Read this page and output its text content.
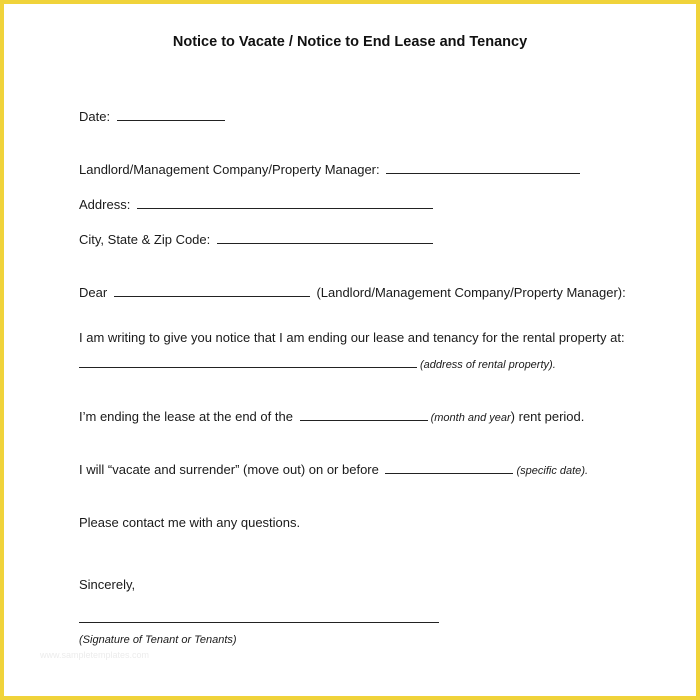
Notice to Vacate / Notice to End Lease and Tenancy
Date:
Landlord/Management Company/Property Manager:
Address:
City, State & Zip Code:
Dear	(Landlord/Management Company/Property Manager):
I am writing to give you notice that I am ending our lease and tenancy for the rental property at:
(address of rental property).
I’m ending the lease at the end of the	(month and year) rent period.
I will “vacate and surrender” (move out) on or before	(specific date).
Please contact me with any questions.
Sincerely,
(Signature of Tenant or Tenants)
www.sampletemplates.com
